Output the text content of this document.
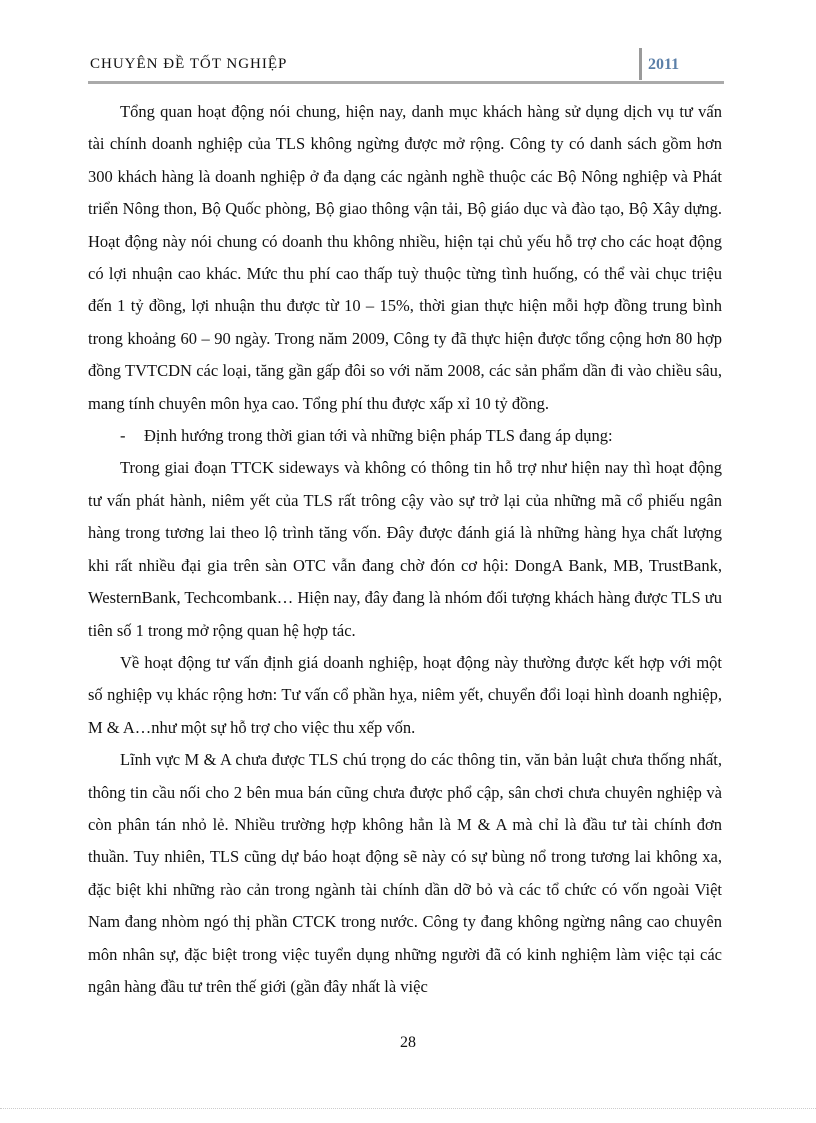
CHUYÊN ĐỀ TỐT NGHIỆP	2011

Tổng quan hoạt động nói chung, hiện nay, danh mục khách hàng sử dụng dịch vụ tư vấn tài chính doanh nghiệp của TLS không ngừng được mở rộng. Công ty có danh sách gồm hơn 300 khách hàng là doanh nghiệp ở đa dạng các ngành nghề thuộc các Bộ Nông nghiệp và Phát triển Nông thon, Bộ Quốc phòng, Bộ giao thông vận tải, Bộ giáo dục và đào tạo, Bộ Xây dựng. Hoạt động này nói chung có doanh thu không nhiều, hiện tại chủ yếu hỗ trợ cho các hoạt động có lợi nhuận cao khác. Mức thu phí cao thấp tuỳ thuộc từng tình huống, có thể vài chục triệu đến 1 tỷ đồng, lợi nhuận thu được từ 10 – 15%, thời gian thực hiện mỗi hợp đồng trung bình trong khoảng 60 – 90 ngày. Trong năm 2009, Công ty đã thực hiện được tổng cộng hơn 80 hợp đồng TVTCDN các loại, tăng gần gấp đôi so với năm 2008, các sản phẩm dần đi vào chiều sâu, mang tính chuyên môn hỵa cao. Tổng phí thu được xấp xỉ 10 tỷ đồng.

- Định hướng trong thời gian tới và những biện pháp TLS đang áp dụng:

Trong giai đoạn TTCK sideways và không có thông tin hỗ trợ như hiện nay thì hoạt động tư vấn phát hành, niêm yết của TLS rất trông cậy vào sự trở lại của những mã cổ phiếu ngân hàng trong tương lai theo lộ trình tăng vốn. Đây được đánh giá là những hàng hỵa chất lượng khi rất nhiều đại gia trên sàn OTC vẫn đang chờ đón cơ hội: DongA Bank, MB, TrustBank, WesternBank, Techcombank… Hiện nay, đây đang là nhóm đối tượng khách hàng được TLS ưu tiên số 1 trong mở rộng quan hệ hợp tác.

Về hoạt động tư vấn định giá doanh nghiệp, hoạt động này thường được kết hợp với một số nghiệp vụ khác rộng hơn: Tư vấn cổ phần hỵa, niêm yết, chuyển đổi loại hình doanh nghiệp, M & A…như một sự hỗ trợ cho việc thu xếp vốn.

Lĩnh vực M & A chưa được TLS chú trọng do các thông tin, văn bản luật chưa thống nhất, thông tin cầu nối cho 2 bên mua bán cũng chưa được phổ cập, sân chơi chưa chuyên nghiệp và còn phân tán nhỏ lẻ. Nhiều trường hợp không hẳn là M & A mà chỉ là đầu tư tài chính đơn thuần. Tuy nhiên, TLS cũng dự báo hoạt động sẽ này có sự bùng nổ trong tương lai không xa, đặc biệt khi những rào cản trong ngành tài chính dần dỡ bỏ và các tổ chức có vốn ngoài Việt Nam đang nhòm ngó thị phần CTCK trong nước. Công ty đang không ngừng nâng cao chuyên môn nhân sự, đặc biệt trong việc tuyển dụng những người đã có kinh nghiệm làm việc tại các ngân hàng đầu tư trên thế giới (gần đây nhất là việc

28
